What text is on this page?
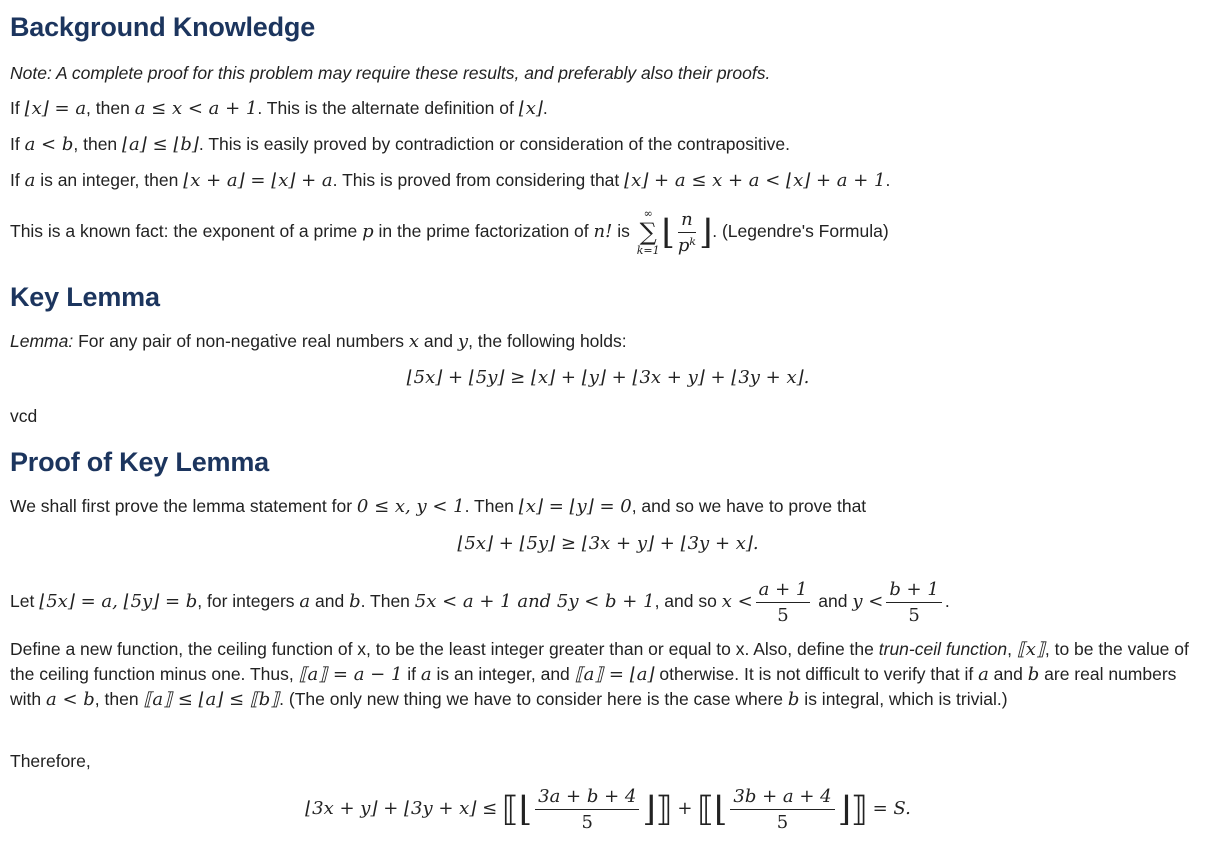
Background Knowledge
Note: A complete proof for this problem may require these results, and preferably also their proofs.
If ⌊x⌋ = a, then a ≤ x < a + 1. This is the alternate definition of ⌊x⌋.
If a < b, then ⌊a⌋ ≤ ⌊b⌋. This is easily proved by contradiction or consideration of the contrapositive.
If a is an integer, then ⌊x + a⌋ = ⌊x⌋ + a. This is proved from considering that ⌊x⌋ + a ≤ x + a < ⌊x⌋ + a + 1.
This is a known fact: the exponent of a prime p in the prime factorization of n! is
∞
∑
k=1 ⌊ $\frac{n}{\text{pᵏ}}$ ⌋. (Legendre's Formula)
Key Lemma
Lemma: For any pair of non-negative real numbers x and y, the following holds:
⌊5x⌋ + ⌊5y⌋ ≥ ⌊x⌋ + ⌊y⌋ + ⌊3x + y⌋ + ⌊3y + x⌋.
vcd
Proof of Key Lemma
We shall first prove the lemma statement for 0 ≤ x, y < 1. Then ⌊x⌋ = ⌊y⌋ = 0, and so we have to prove that
⌊5x⌋ + ⌊5y⌋ ≥ ⌊3x + y⌋ + ⌊3y + x⌋.
Let ⌊5x⌋ = a, ⌊5y⌋ = b, for integers a and b. Then 5x < a + 1 and 5y < b + 1, and so $x < \frac{a + 1}{5}$ and $y < \frac{b + 1}{5}$ .
Define a new function, the ceiling function of x, to be the least integer greater than or equal to x. Also, define the trun-ceil function, ⟦x⟧, to be the value of the ceiling function minus one. Thus, ⟦a⟧ = a − 1 if a is an integer, and ⟦a⟧ = ⌊a⌋ otherwise. It is not difficult to verify that if a and b are real numbers with a < b, then ⟦a⟧ ≤ ⌊a⌋ ≤ ⟦b⟧. (The only new thing we have to consider here is the case where b is integral, which is trivial.)
Therefore,
⌊3x + y⌋ + ⌊3y + x⌋ ≤ ⟦⌊ $\frac{3a + b + 4}{5}$ ⌋⟧ + ⟦⌊ $\frac{3b + a + 4}{5}$ ⌋⟧ = S.
